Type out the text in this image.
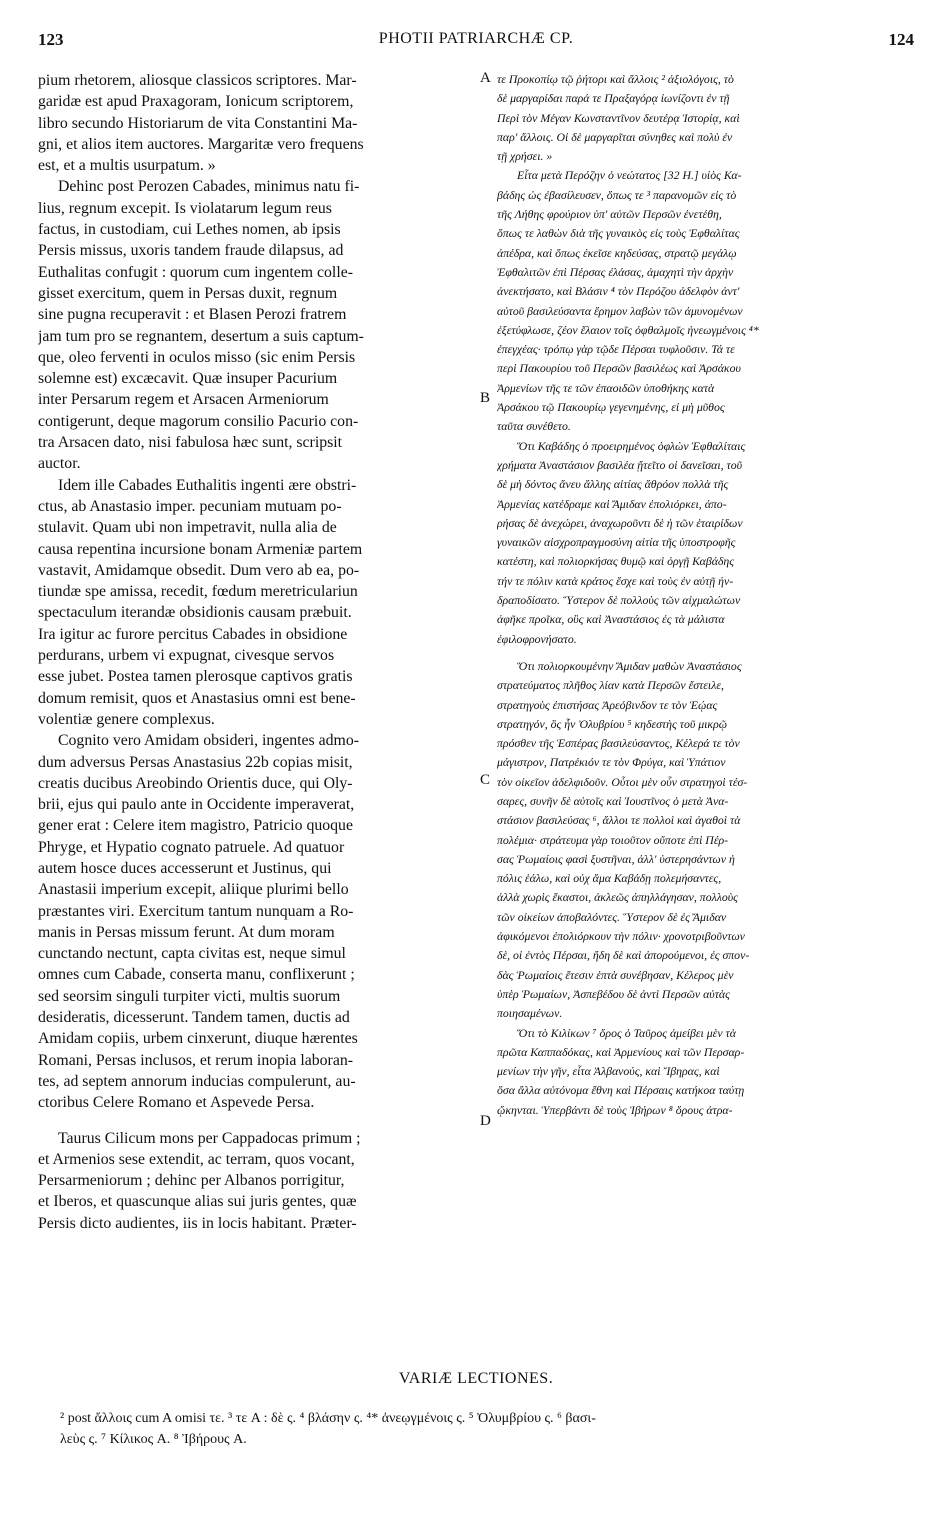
123	PHOTII PATRIARCHÆ CP.	124
pium rhetorem, aliosque classicos scriptores. Mar-
garidæ est apud Praxagoram, Ionicum scriptorem,
libro secundo Historiarum de vita Constantini Ma-
gni, et alios item auctores. Margaritæ vero frequens
est, et a multis usurpatum. »
Dehinc post Perozen Cabades, minimus natu fi-
lius, regnum excepit. Is violatarum legum reus
factus, in custodiam, cui Lethes nomen, ab ipsis
Persis missus, uxoris tandem fraude dilapsus, ad
Euthalitas confugit : quorum cum ingentem colle-
gisset exercitum, quem in Persas duxit, regnum
sine pugna recuperavit : et Blasen Perozi fratrem
jam tum pro se regnantem, desertum a suis captum-
que, oleo ferventi in oculos misso (sic enim Persis
solemne est) excæcavit. Quæ insuper Pacurium
inter Persarum regem et Arsacen Armeniorum
contigerunt, deque magorum consilio Pacurio con-
tra Arsacen dato, nisi fabulosa hæc sunt, scripsit
auctor.
Idem ille Cabades Euthalitis ingenti ære obstri-
ctus, ab Anastasio imper. pecuniam mutuam po-
stulavit. Quam ubi non impetravit, nulla alia de
causa repentina incursione bonam Armeniæ partem
vastavit, Amidamque obsedit. Dum vero ab ea, po-
tiundæ spe amissa, recedit, fœdum meretriculariun
spectaculum iterandæ obsidionis causam præbuit.
Ira igitur ac furore percitus Cabades in obsidione
perdurans, urbem vi expugnat, civesque servos
esse jubet. Postea tamen plerosque captivos gratis
domum remisit, quos et Anastasius omni est bene-
volentiæ genere complexus.
Cognito vero Amidam obsideri, ingentes admo-
dum adversus Persas Anastasius 22b copias misit,
creatis ducibus Areobindo Orientis duce, qui Oly-
brii, ejus qui paulo ante in Occidente imperaverat,
gener erat : Celere item magistro, Patricio quoque
Phryge, et Hypatio cognato patruele. Ad quatuor
autem hosce duces accesserunt et Justinus, qui
Anastasii imperium excepit, aliique plurimi bello
præstantes viri. Exercitum tantum nunquam a Ro-
manis in Persas missum ferunt. At dum moram
cunctando nectunt, capta civitas est, neque simul
omnes cum Cabade, conserta manu, conflixerunt ;
sed seorsim singuli turpiter victi, multis suorum
desideratis, dicesserunt. Tandem tamen, ductis ad
Amidam copiis, urbem cinxerunt, diuque hærentes
Romani, Persas inclusos, et rerum inopia laboran-
tes, ad septem annorum inducias compulerunt, au-
ctoribus Celere Romano et Aspevede Persa.
Taurus Cilicum mons per Cappadocas primum ;
et Armenios sese extendit, ac terram, quos vocant,
Persarmeniorum ; dehinc per Albanos porrigitur,
et Iberos, et quascunque alias sui juris gentes, quæ
Persis dicto audientes, iis in locis habitant. Præter-
τε Προκοπίῳ τῷ ῥήτορι καὶ ἄλλοις ² ἀξιολόγοις, τὸ
δὲ μαργαρίδαι παρά τε Πραξαγόρᾳ ἰωνίζοντι ἐν τῇ
Περὶ τὸν Μέγαν Κωνσταντῖνον δευτέρᾳ Ἱστορίᾳ, καὶ
παρ' ἄλλοις. Οἱ δὲ μαργαρῖται σύνηθες καὶ πολὺ ἐν
τῇ χρήσει. »
Εἶτα μετὰ Περόζην ὁ νεώτατος [32 H.] υἱὸς Κα-
βάδης ὡς ἐβασίλευσεν, ὅπως τε ³ παρανομῶν εἰς τὸ
τῆς Λήθης φρούριον ὑπ' αὐτῶν Περσῶν ἐνετέθη,
ὅπως τε λαθὼν διὰ τῆς γυναικὸς εἰς τοὺς Ἐφθαλίτας
ἀπέδρα, καὶ ὅπως ἐκεῖσε κηδεύσας, στρατῷ μεγάλῳ
Ἐφθαλιτῶν ἐπὶ Πέρσας ἐλάσας, ἀμαχητὶ τὴν ἀρχὴν
ἀνεκτήσατο, καὶ Βλάσιν ⁴ τὸν Περόζου ἀδελφὸν ἀντ'
αὐτοῦ βασιλεύσαντα ἔρημον λαβὼν τῶν ἀμυνομένων
ἐξετύφλωσε, ζέον ἔλαιον τοῖς ὀφθαλμοῖς ἠνεωγμένοις ⁴*
ἐπεγχέας· τρόπῳ γὰρ τῷδε Πέρσαι τυφλοῦσιν. Τά τε
περὶ Πακουρίου τοῦ Περσῶν βασιλέως καὶ Ἀρσάκου
Ἀρμενίων τῆς τε τῶν ἐπαοιδῶν ὑποθήκης κατὰ
Ἀρσάκου τῷ Πακουρίῳ γεγενημένης, εἰ μὴ μῦθος
ταῦτα συνέθετο.
Ὅτι Καβάδης ὁ προειρημένος ὀφλὼν Ἐφθαλίταις
χρήματα Ἀναστάσιον βασιλέα ᾔτεῖτο οἱ δανεῖσαι, τοῦ
δὲ μὴ δόντος ἄνευ ἄλλης αἰτίας ἄθρόον πολλὰ τῆς
Ἀρμενίας κατέδραμε καὶ Ἄμιδαν ἐπολιόρκει, ἀπο-
ρήσας δὲ ἀνεχώρει, ἀναχωροῦντι δὲ ἡ τῶν ἑταιρίδων
γυναικῶν αἰσχροπραγμοσύνη αἰτία τῆς ὑποστροφῆς
κατέστη, καὶ πολιορκήσας θυμῷ καὶ ὀργῇ Καβάδης
τήν τε πόλιν κατὰ κράτος ἔσχε καὶ τοὺς ἐν αὐτῇ ἠν-
δραποδίσατο. Ὕστερον δὲ πολλοὺς τῶν αἰχμαλώτων
ἀφῆκε προῖκα, οὓς καὶ Ἀναστάσιος ἐς τὰ μάλιστα
ἐφιλοφρονήσατο.
Ὅτι πολιορκουμένην Ἄμιδαν μαθὼν Ἀναστάσιος
στρατεύματος πλῆθος λίαν κατὰ Περσῶν ἔστειλε,
στρατηγοὺς ἐπιστήσας Ἀρεόβινδον τε τὸν Ἑῴας
στρατηγόν, ὃς ἦν Ὀλυβρίου ⁵ κηδεστὴς τοῦ μικρῷ
πρόσθεν τῆς Ἑσπέρας βασιλεύσαντος, Κέλερά τε τὸν
μάγιστρον, Πατρέκιόν τε τὸν Φρύγα, καὶ Ὑπάτιον
τὸν οἰκεῖον ἀδελφιδοῦν. Οὗτοι μὲν οὖν στρατηγοὶ τέσ-
σαρες, συνῆν δὲ αὐτοῖς καὶ Ἰουστῖνος ὁ μετὰ Ἀνα-
στάσιον βασιλεύσας ⁶, ἄλλοι τε πολλοὶ καὶ ἀγαθοὶ τὰ
πολέμια· στράτευμα γὰρ τοιοῦτον οὔποτε ἐπὶ Πέρ-
σας Ῥωμαίοις φασὶ ξυστῆναι, ἀλλ' ὑστερησάντων ἡ
πόλις ἑάλω, καὶ οὐχ ἅμα Καβάδῃ πολεμήσαντες,
ἀλλὰ χωρὶς ἕκαστοι, ἀκλεῶς ἀπηλλάγησαν, πολλοὺς
τῶν οἰκείων ἀποβαλόντες. Ὕστερον δὲ ἐς Ἄμιδαν
ἀφικόμενοι ἐπολιόρκουν τὴν πόλιν· χρονοτριβοῦντων
δὲ, οἱ ἐντὸς Πέρσαι, ἤδη δὲ καὶ ἀπορούμενοι, ἐς σπον-
δὰς Ῥωμαίοις ἔτεσιν ἑπτὰ συνέβησαν, Κέλερος μὲν
ὑπὲρ Ῥωμαίων, Ἀσπεβέδου δὲ ἀντὶ Περσῶν αὐτὰς
ποιησαμένων.
Ὅτι τὸ Κιλίκων ⁷ ὄρος ὁ Ταῦρος ἀμείβει μὲν τὰ
πρῶτα Καππαδόκας, καὶ Ἀρμενίους καὶ τῶν Περσαρ-
μενίων τὴν γῆν, εἶτα Ἀλβανούς, καὶ Ἴβηρας, καὶ
ὅσα ἄλλα αὐτόνομα ἔθνη καὶ Πέρσαις κατήκοα ταύτῃ
ᾤκηνται. Ὑπερβάντι δὲ τοὺς Ἰβήρων ⁸ ὅρους ἀτρα-
A
B
C
D
VARIÆ LECTIONES.
² post ἄλλοις cum A omisi τε. ³ τε A : δὲ ς. ⁴ βλάσην ς. ⁴* ἀνεῳγμένοις ς. ⁵ Ὀλυμβρίου ς. ⁶ βασι-
λεὺς ς. ⁷ Κίλικος A. ⁸ Ἰβήρους A.
